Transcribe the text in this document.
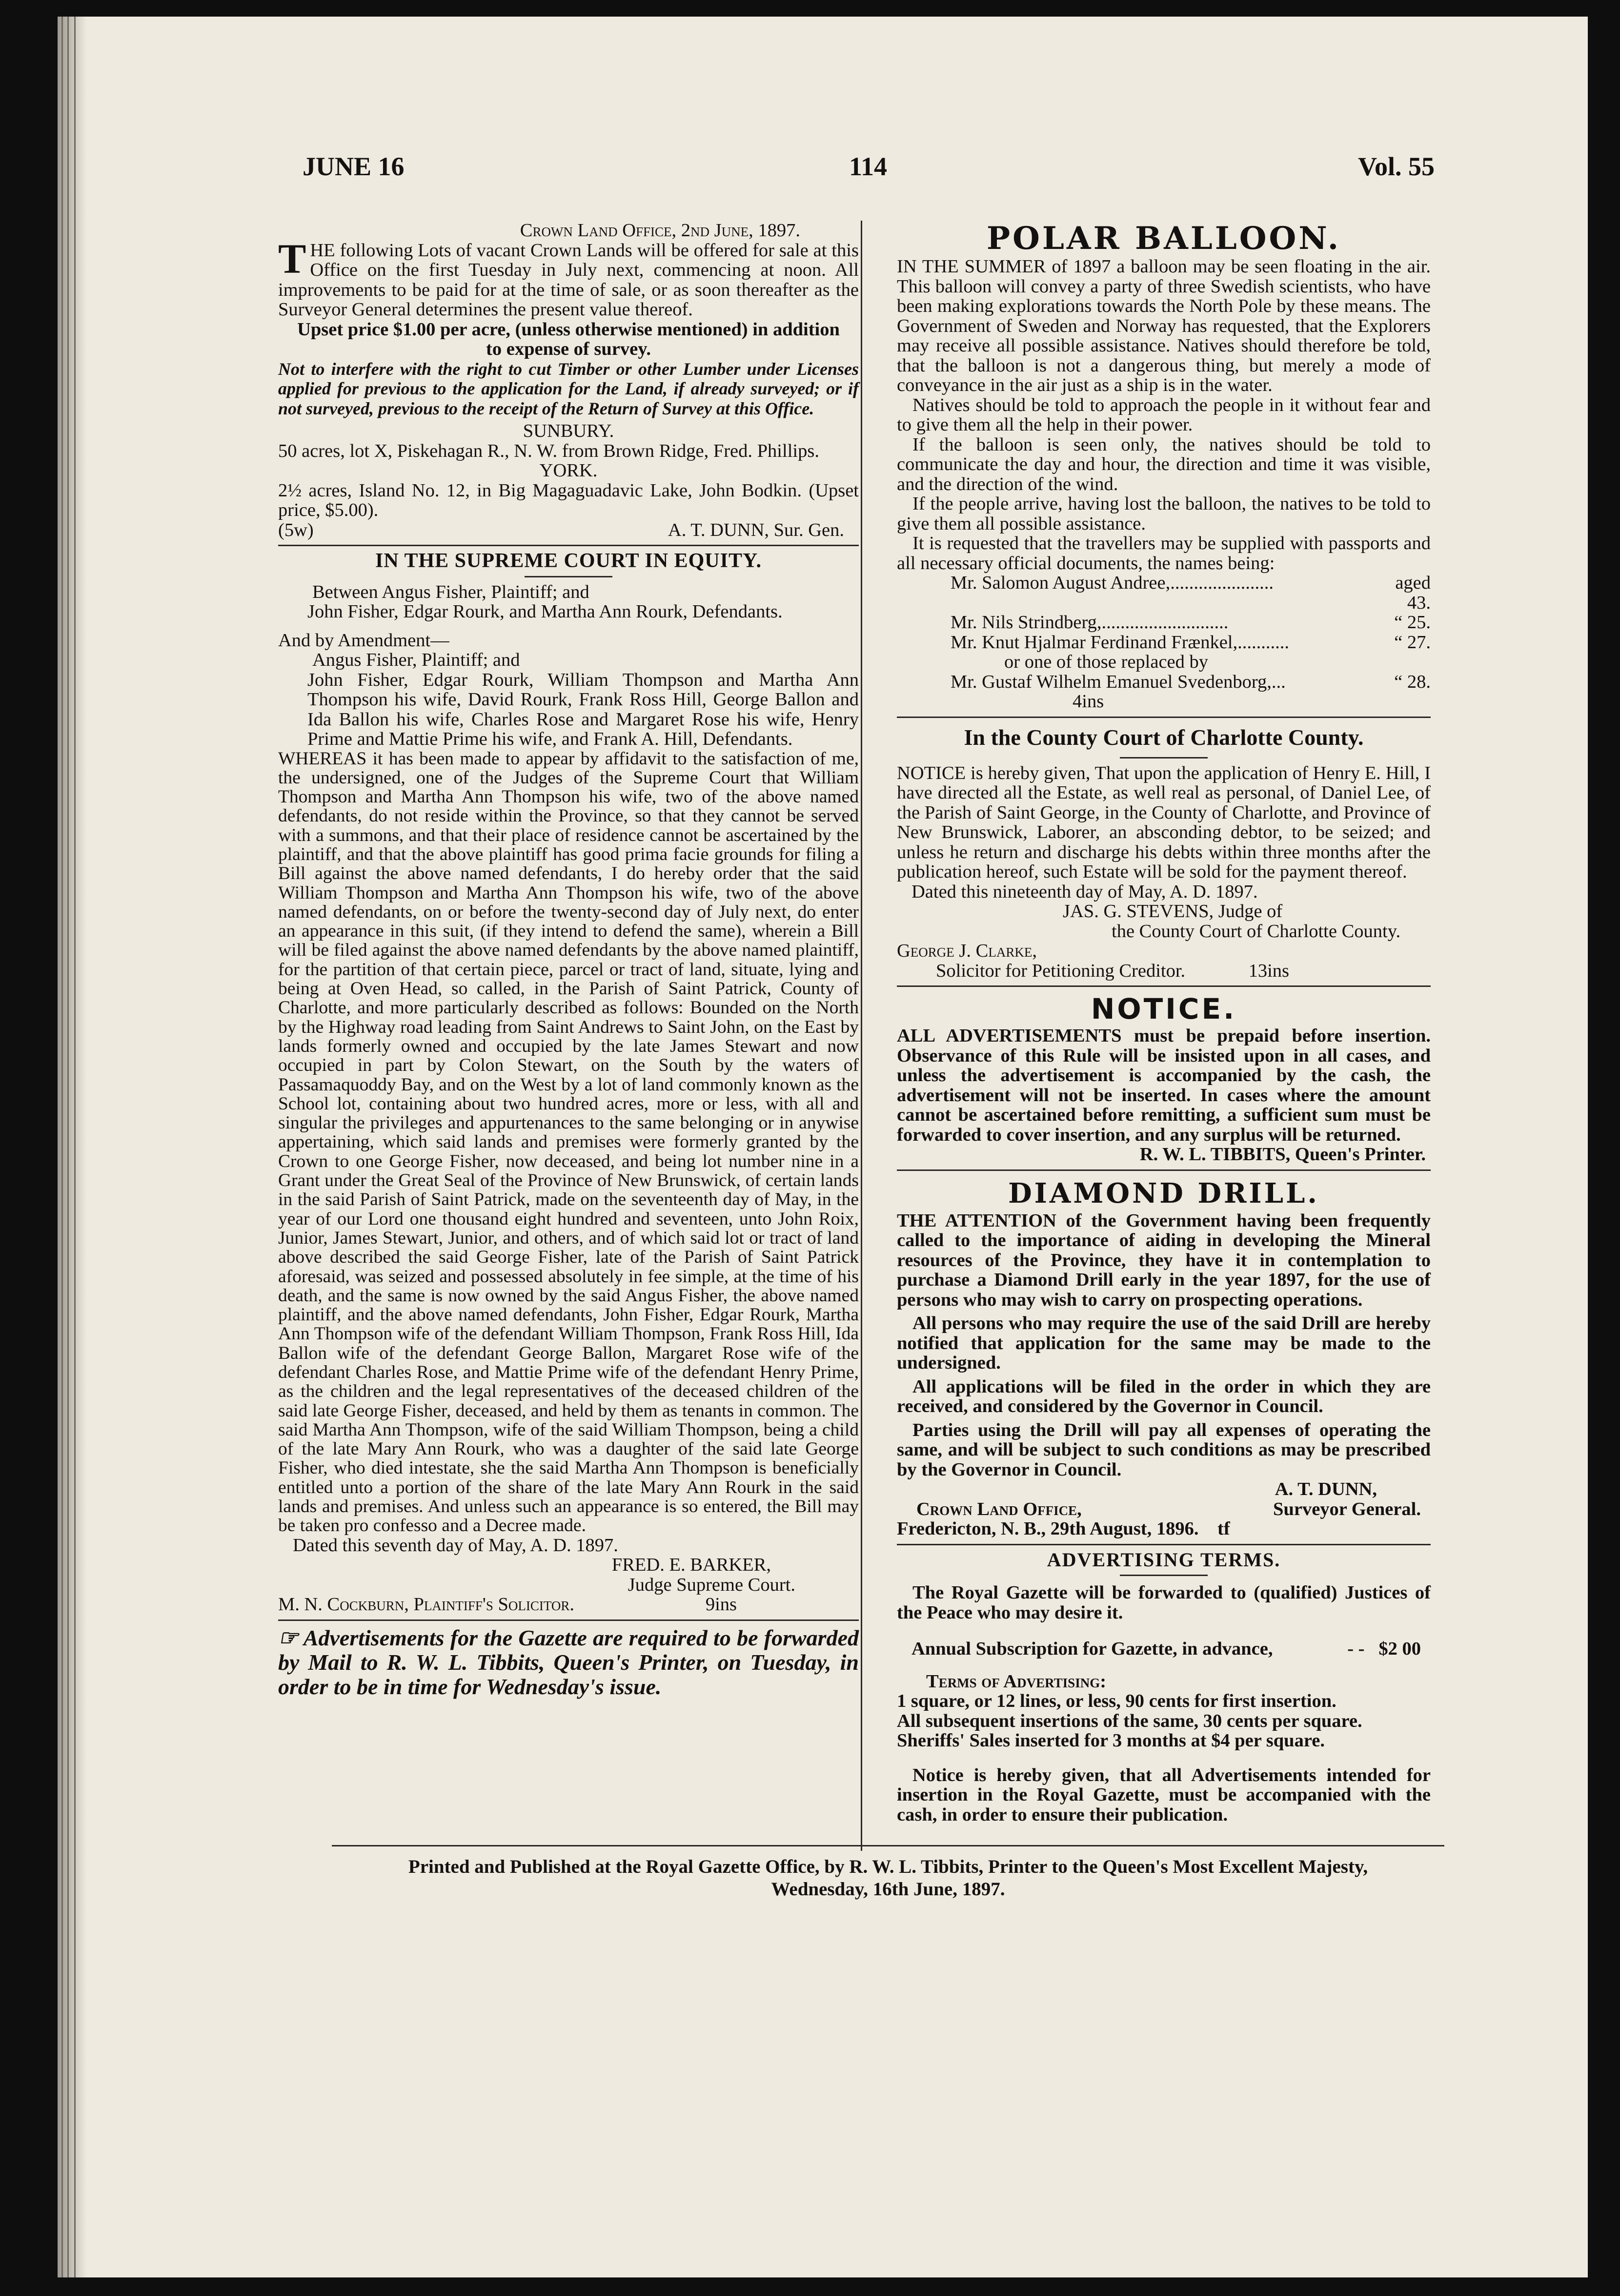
JUNE 16	114	Vol. 55

Crown Land Office, 2nd June, 1897.

THE following Lots of vacant Crown Lands will be offered for sale at this Office on the first Tuesday in July next, commencing at noon. All improvements to be paid for at the time of sale, or as soon thereafter as the Surveyor General determines the present value thereof.

Upset price $1.00 per acre, (unless otherwise mentioned) in addition to expense of survey.

Not to interfere with the right to cut Timber or other Lumber under Licenses applied for previous to the application for the Land, if already surveyed; or if not surveyed, previous to the receipt of the Return of Survey at this Office.

SUNBURY.

50 acres, lot X, Piskehagan R., N. W. from Brown Ridge, Fred. Phillips.

YORK.

2½ acres, Island No. 12, in Big Magaguadavic Lake, John Bodkin. (Upset price, $5.00).

(5w)	A. T. DUNN, Sur. Gen.

IN THE SUPREME COURT IN EQUITY.

Between Angus Fisher, Plaintiff; and

John Fisher, Edgar Rourk, and Martha Ann Rourk, Defendants.

And by Amendment—

Angus Fisher, Plaintiff; and

John Fisher, Edgar Rourk, William Thompson and Martha Ann Thompson his wife, David Rourk, Frank Ross Hill, George Ballon and Ida Ballon his wife, Charles Rose and Margaret Rose his wife, Henry Prime and Mattie Prime his wife, and Frank A. Hill, Defendants.

WHEREAS it has been made to appear by affidavit to the satisfaction of me, the undersigned, one of the Judges of the Supreme Court that William Thompson and Martha Ann Thompson his wife, two of the above named defendants, do not reside within the Province, so that they cannot be served with a summons, and that their place of residence cannot be ascertained by the plaintiff, and that the above plaintiff has good prima facie grounds for filing a Bill against the above named defendants, I do hereby order that the said William Thompson and Martha Ann Thompson his wife, two of the above named defendants, on or before the twenty-second day of July next, do enter an appearance in this suit, (if they intend to defend the same), wherein a Bill will be filed against the above named defendants by the above named plaintiff, for the partition of that certain piece, parcel or tract of land, situate, lying and being at Oven Head, so called, in the Parish of Saint Patrick, County of Charlotte, and more particularly described as follows: Bounded on the North by the Highway road leading from Saint Andrews to Saint John, on the East by lands formerly owned and occupied by the late James Stewart and now occupied in part by Colon Stewart, on the South by the waters of Passamaquoddy Bay, and on the West by a lot of land commonly known as the School lot, containing about two hundred acres, more or less, with all and singular the privileges and appurtenances to the same belonging or in anywise appertaining, which said lands and premises were formerly granted by the Crown to one George Fisher, now deceased, and being lot number nine in a Grant under the Great Seal of the Province of New Brunswick, of certain lands in the said Parish of Saint Patrick, made on the seventeenth day of May, in the year of our Lord one thousand eight hundred and seventeen, unto John Roix, Junior, James Stewart, Junior, and others, and of which said lot or tract of land above described the said George Fisher, late of the Parish of Saint Patrick aforesaid, was seized and possessed absolutely in fee simple, at the time of his death, and the same is now owned by the said Angus Fisher, the above named plaintiff, and the above named defendants, John Fisher, Edgar Rourk, Martha Ann Thompson wife of the defendant William Thompson, Frank Ross Hill, Ida Ballon wife of the defendant George Ballon, Margaret Rose wife of the defendant Charles Rose, and Mattie Prime wife of the defendant Henry Prime, as the children and the legal representatives of the deceased children of the said late George Fisher, deceased, and held by them as tenants in common. The said Martha Ann Thompson, wife of the said William Thompson, being a child of the late Mary Ann Rourk, who was a daughter of the said late George Fisher, who died intestate, she the said Martha Ann Thompson is beneficially entitled unto a portion of the share of the late Mary Ann Rourk in the said lands and premises. And unless such an appearance is so entered, the Bill may be taken pro confesso and a Decree made.

Dated this seventh day of May, A. D. 1897.

FRED. E. BARKER,

Judge Supreme Court.

M. N. Cockburn, Plaintiff's Solicitor.	9ins

☞ Advertisements for the Gazette are required to be forwarded by Mail to R. W. L. Tibbits, Queen's Printer, on Tuesday, in order to be in time for Wednesday's issue.

POLAR BALLOON.

IN THE SUMMER of 1897 a balloon may be seen floating in the air. This balloon will convey a party of three Swedish scientists, who have been making explorations towards the North Pole by these means. The Government of Sweden and Norway has requested, that the Explorers may receive all possible assistance. Natives should therefore be told, that the balloon is not a dangerous thing, but merely a mode of conveyance in the air just as a ship is in the water.

Natives should be told to approach the people in it without fear and to give them all the help in their power.

If the balloon is seen only, the natives should be told to communicate the day and hour, the direction and time it was visible, and the direction of the wind.

If the people arrive, having lost the balloon, the natives to be told to give them all possible assistance.

It is requested that the travellers may be supplied with passports and all necessary official documents, the names being:

Mr. Salomon August Andree,......................	aged 43.
Mr. Nils Strindberg,...........................	“ 25.
Mr. Knut Hjalmar Ferdinand Frænkel,...........	“ 27.
or one of those replaced by
Mr. Gustaf Wilhelm Emanuel Svedenborg,...	“ 28.

4ins

In the County Court of Charlotte County.

NOTICE is hereby given, That upon the application of Henry E. Hill, I have directed all the Estate, as well real as personal, of Daniel Lee, of the Parish of Saint George, in the County of Charlotte, and Province of New Brunswick, Laborer, an absconding debtor, to be seized; and unless he return and discharge his debts within three months after the publication hereof, such Estate will be sold for the payment thereof.

Dated this nineteenth day of May, A. D. 1897.

JAS. G. STEVENS, Judge of

the County Court of Charlotte County.

George J. Clarke,

Solicitor for Petitioning Creditor.	13ins

NOTICE.

ALL ADVERTISEMENTS must be prepaid before insertion. Observance of this Rule will be insisted upon in all cases, and unless the advertisement is accompanied by the cash, the advertisement will not be inserted. In cases where the amount cannot be ascertained before remitting, a sufficient sum must be forwarded to cover insertion, and any surplus will be returned.

R. W. L. TIBBITS, Queen's Printer.

DIAMOND DRILL.

THE ATTENTION of the Government having been frequently called to the importance of aiding in developing the Mineral resources of the Province, they have it in contemplation to purchase a Diamond Drill early in the year 1897, for the use of persons who may wish to carry on prospecting operations.

All persons who may require the use of the said Drill are hereby notified that application for the same may be made to the undersigned.

All applications will be filed in the order in which they are received, and considered by the Governor in Council.

Parties using the Drill will pay all expenses of operating the same, and will be subject to such conditions as may be prescribed by the Governor in Council.

A. T. DUNN,

Crown Land Office,	Surveyor General.

Fredericton, N. B., 29th August, 1896. tf

ADVERTISING TERMS.

The Royal Gazette will be forwarded to (qualified) Justices of the Peace who may desire it.

Annual Subscription for Gazette, in advance,	- - $2 00

Terms of Advertising:

1 square, or 12 lines, or less, 90 cents for first insertion.

All subsequent insertions of the same, 30 cents per square.

Sheriffs' Sales inserted for 3 months at $4 per square.

Notice is hereby given, that all Advertisements intended for insertion in the Royal Gazette, must be accompanied with the cash, in order to ensure their publication.

Printed and Published at the Royal Gazette Office, by R. W. L. Tibbits, Printer to the Queen's Most Excellent Majesty,

Wednesday, 16th June, 1897.
